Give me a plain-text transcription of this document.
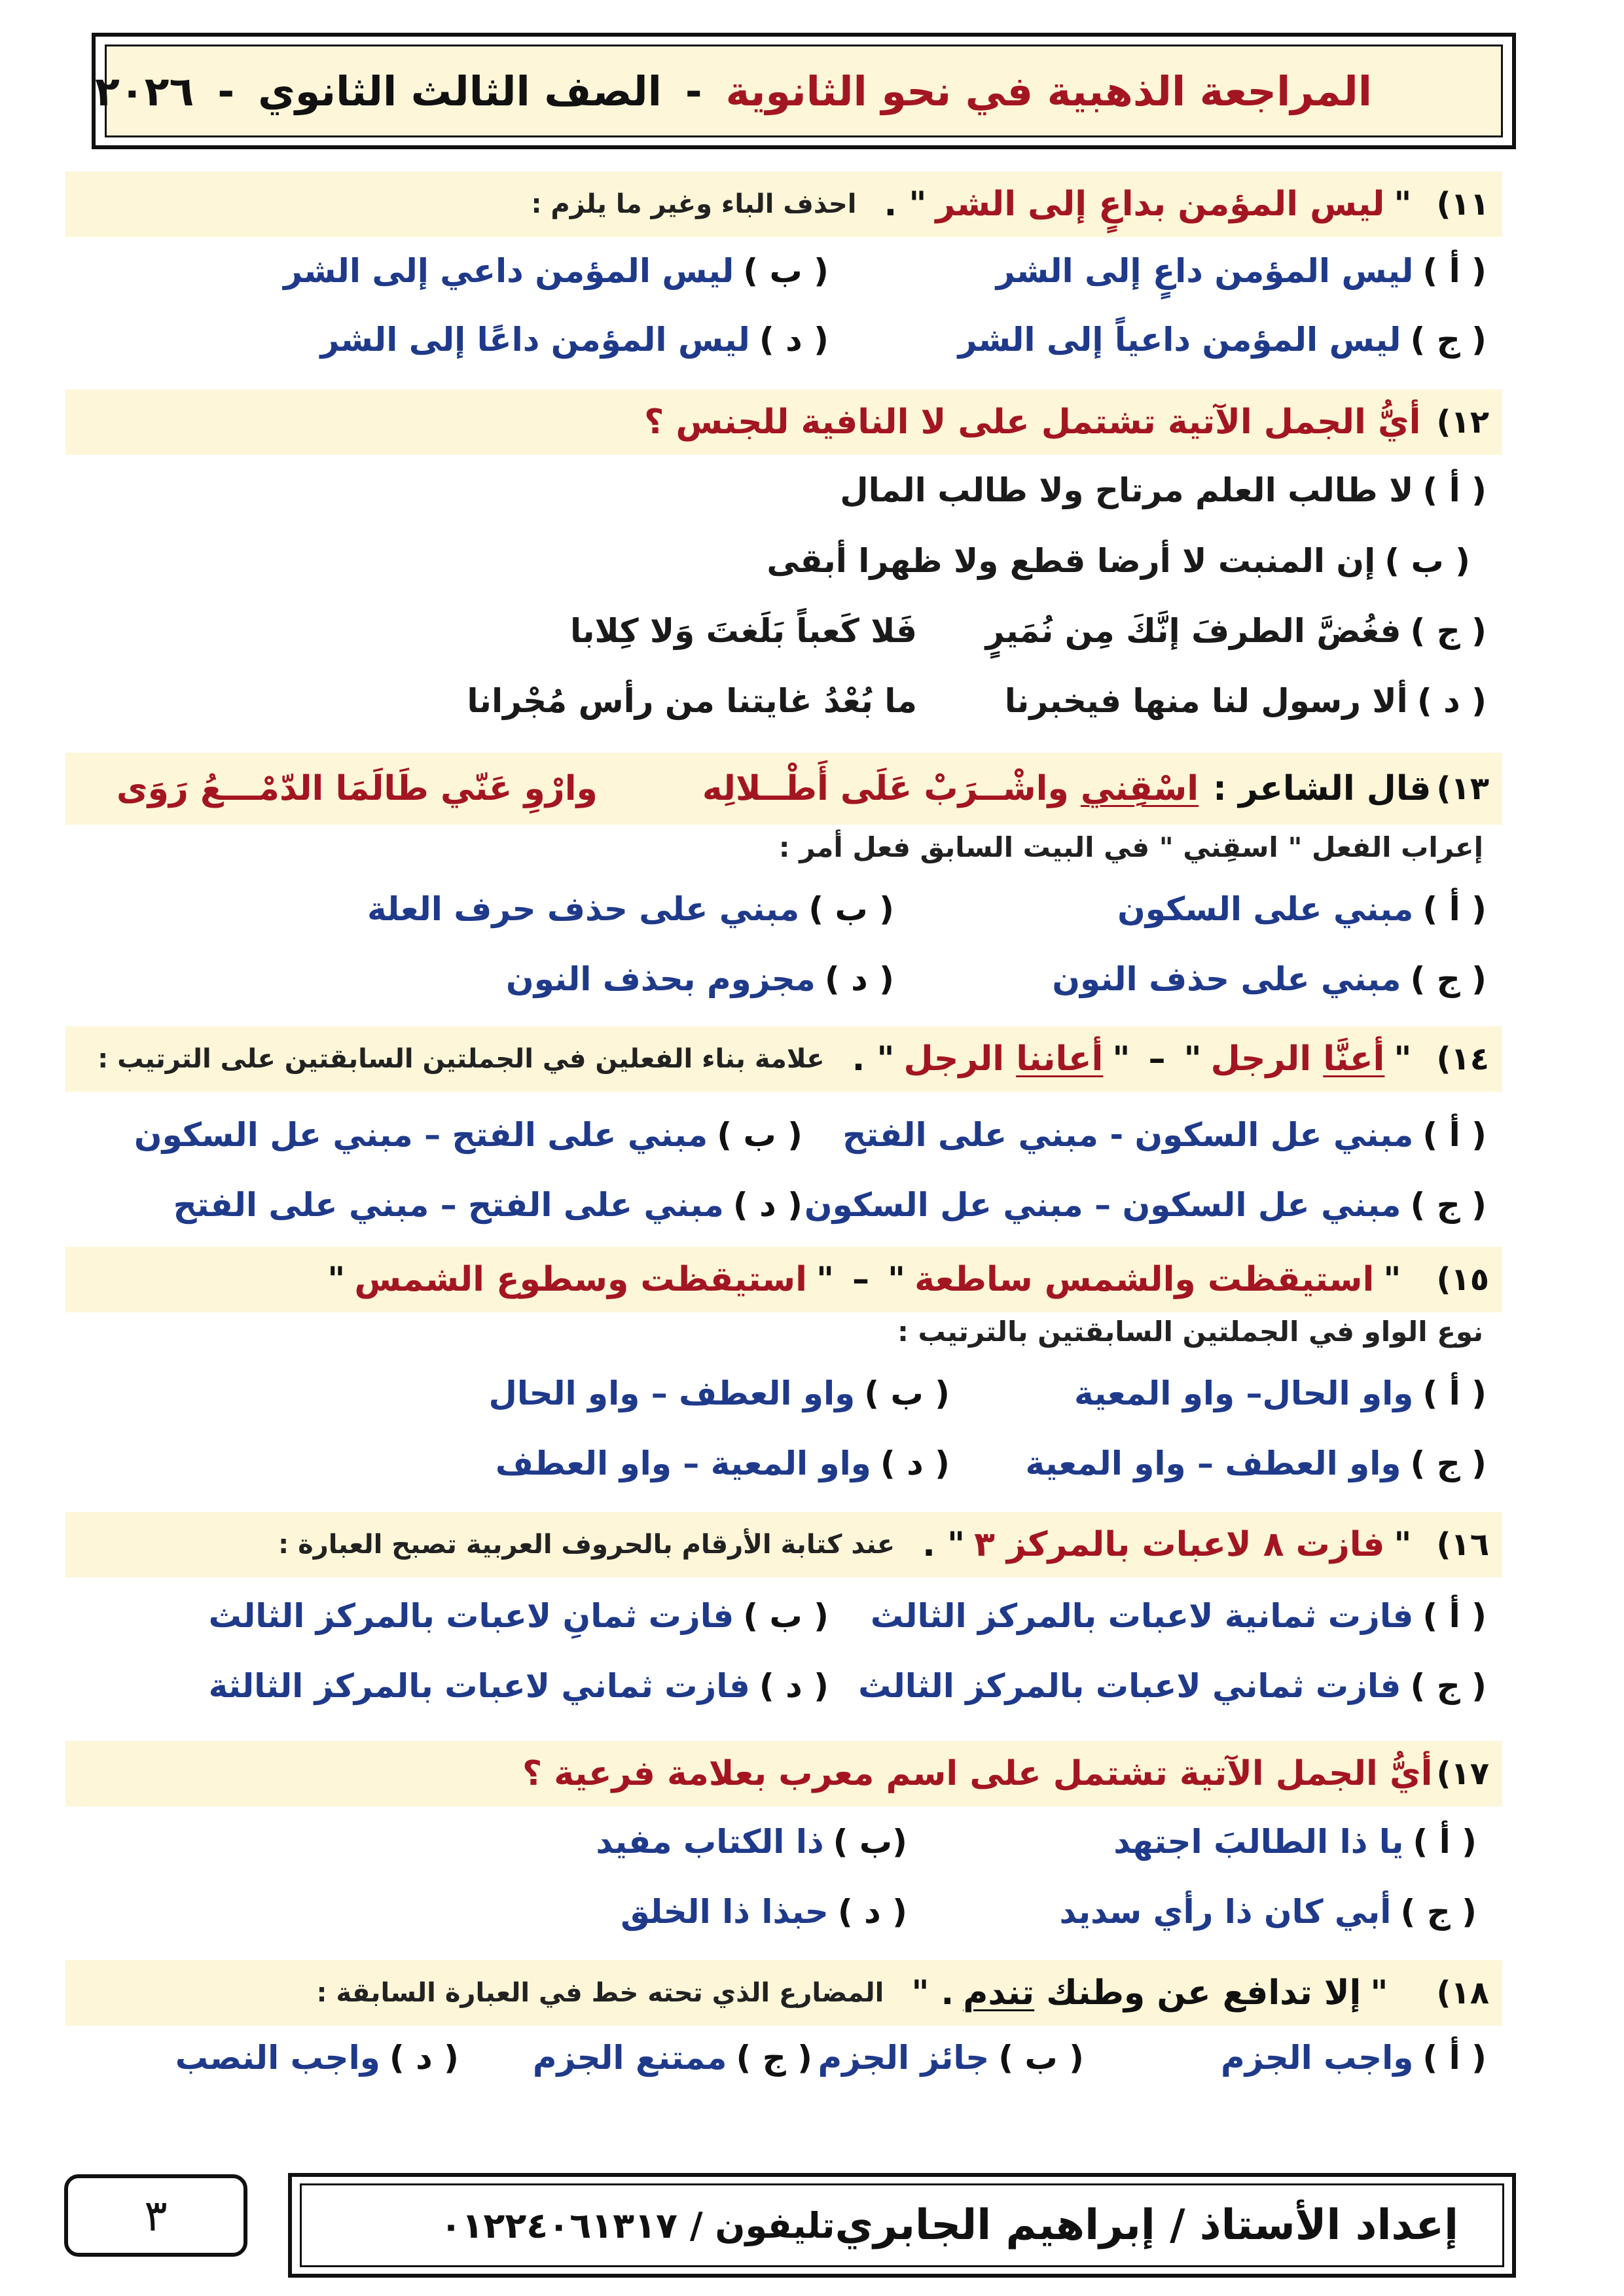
المراجعة الذهبية في نحو الثانوية
-
الصف الثالث الثانوي
-
٢٠٢٦
١١)
"
ليس المؤمن بداعٍ إلى الشر
" .
احذف الباء وغير ما يلزم :
( أ )ليس المؤمن داعٍ إلى الشر
( ب )ليس المؤمن داعي إلى الشر
( ج )ليس المؤمن داعياً إلى الشر
( د )ليس المؤمن داعًا إلى الشر
١٢)
أيُّ الجمل الآتية تشتمل على لا النافية للجنس ؟
( أ )لا طالب العلم مرتاح ولا طالب المال
( ب )إن المنبت لا أرضا قطع ولا ظهرا أبقى
( ج )فغُضَّ الطرفَ إنَّكَ مِن نُمَيرٍ
فَلا كَعباً بَلَغتَ وَلا كِلابا
( د )ألا رسول لنا منها فيخبرنا
ما بُعْدُ غايتنا من رأس مُجْرانا
١٣)
قال الشاعر :
اسْقِني واشْــرَبْ عَلَى أَطْــلالِه
وارْوِ عَنّي طَالَمَا الدّمْـــعُ رَوَى
إعراب الفعل " اسقِني " في البيت السابق فعل أمر :
( أ )مبني على السكون
( ب )مبني على حذف حرف العلة
( ج )مبني على حذف النون
( د )مجزوم بحذف النون
١٤)
"
أعنَّا الرجل
"
–
"
أعاننا الرجل
" .
علامة بناء الفعلين في الجملتين السابقتين على الترتيب :
( أ )مبني عل السكون - مبني على الفتح
( ب )مبني على الفتح – مبني عل السكون
( ج )مبني عل السكون – مبني عل السكون
( د )مبني على الفتح – مبني على الفتح
١٥)
"
استيقظت والشمس ساطعة
"
–
"
استيقظت وسطوع الشمس
"
نوع الواو في الجملتين السابقتين بالترتيب :
( أ )واو الحال– واو المعية
( ب )واو العطف – واو الحال
( ج )واو العطف – واو المعية
( د )واو المعية – واو العطف
١٦)
"
فازت ٨ لاعبات بالمركز ٣
" .
عند كتابة الأرقام بالحروف العربية تصبح العبارة :
( أ )فازت ثمانية لاعبات بالمركز الثالث
( ب )فازت ثمانِ لاعبات بالمركز الثالث
( ج )فازت ثماني لاعبات بالمركز الثالث
( د )فازت ثماني لاعبات بالمركز الثالثة
١٧)
أيُّ الجمل الآتية تشتمل على اسم معرب بعلامة فرعية ؟
( أ )يا ذا الطالبَ اجتهد
(ب )ذا الكتاب مفيد
( ج )أبي كان ذا رأي سديد
( د )حبذا ذا الخلق
١٨)
"
إلا تدافع عن وطنك تندم
. "
المضارع الذي تحته خط في العبارة السابقة :
( أ )واجب الجزم
( ب )جائز الجزم
( ج )ممتنع الجزم
( د )واجب النصب
إعداد الأستاذ / إبراهيم الجابري
تليفون / ٠١٢٢٤٠٦١٣١٧
٣
